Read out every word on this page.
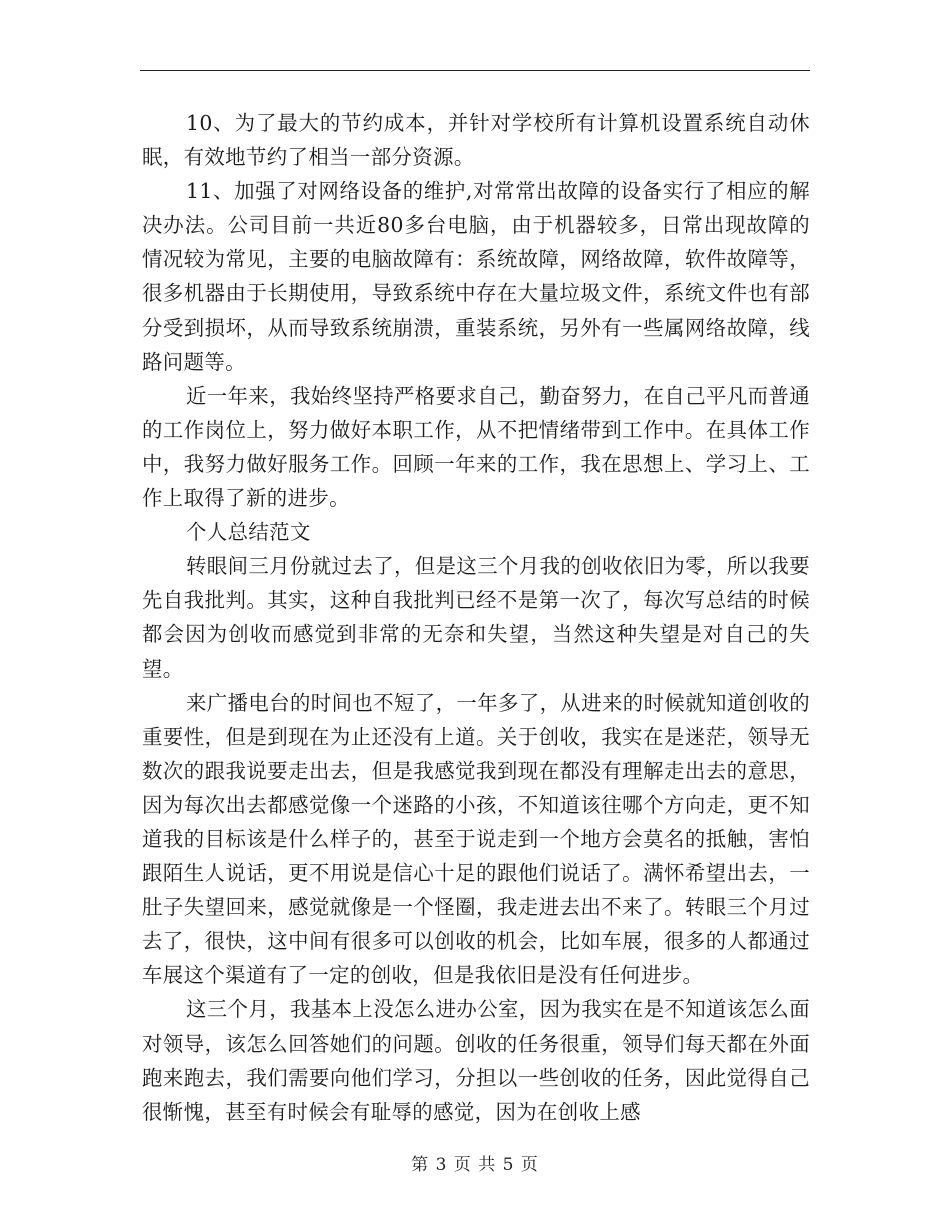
10、为了最大的节约成本，并针对学校所有计算机设置系统自动休眠，有效地节约了相当一部分资源。

11、加强了对网络设备的维护,对常常出故障的设备实行了相应的解决办法。公司目前一共近80多台电脑，由于机器较多，日常出现故障的情况较为常见，主要的电脑故障有：系统故障，网络故障，软件故障等，很多机器由于长期使用，导致系统中存在大量垃圾文件，系统文件也有部分受到损坏，从而导致系统崩溃，重装系统，另外有一些属网络故障，线路问题等。

近一年来，我始终坚持严格要求自己，勤奋努力，在自己平凡而普通的工作岗位上，努力做好本职工作，从不把情绪带到工作中。在具体工作中，我努力做好服务工作。回顾一年来的工作，我在思想上、学习上、工作上取得了新的进步。

个人总结范文

转眼间三月份就过去了，但是这三个月我的创收依旧为零，所以我要先自我批判。其实，这种自我批判已经不是第一次了，每次写总结的时候都会因为创收而感觉到非常的无奈和失望，当然这种失望是对自己的失望。

来广播电台的时间也不短了，一年多了，从进来的时候就知道创收的重要性，但是到现在为止还没有上道。关于创收，我实在是迷茫，领导无数次的跟我说要走出去，但是我感觉我到现在都没有理解走出去的意思，因为每次出去都感觉像一个迷路的小孩，不知道该往哪个方向走，更不知道我的目标该是什么样子的，甚至于说走到一个地方会莫名的抵触，害怕跟陌生人说话，更不用说是信心十足的跟他们说话了。满怀希望出去，一肚子失望回来，感觉就像是一个怪圈，我走进去出不来了。转眼三个月过去了，很快，这中间有很多可以创收的机会，比如车展，很多的人都通过车展这个渠道有了一定的创收，但是我依旧是没有任何进步。

这三个月，我基本上没怎么进办公室，因为我实在是不知道该怎么面对领导，该怎么回答她们的问题。创收的任务很重，领导们每天都在外面跑来跑去，我们需要向他们学习，分担以一些创收的任务，因此觉得自己很惭愧，甚至有时候会有耻辱的感觉，因为在创收上感

第 3 页 共 5 页
